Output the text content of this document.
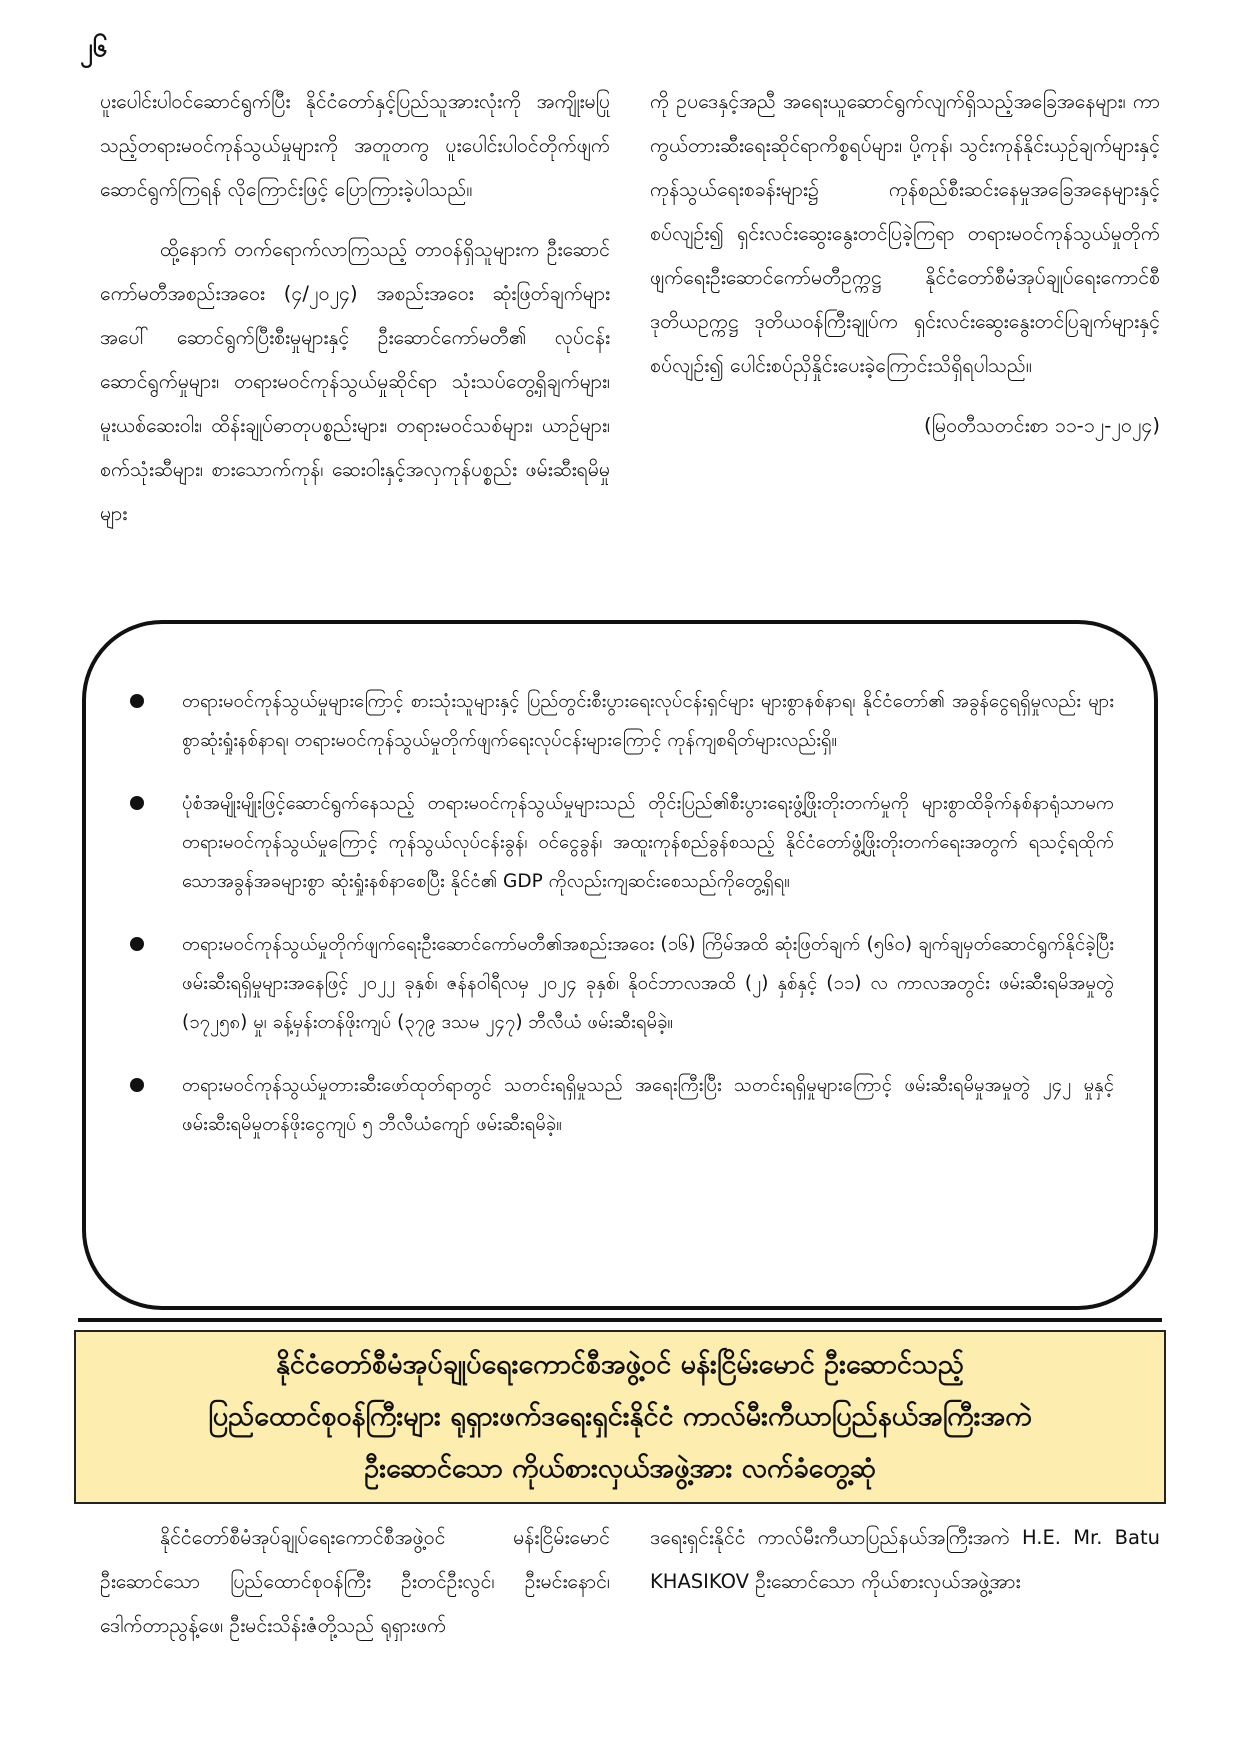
၂၆

ပူးပေါင်းပါဝင်ဆောင်ရွက်ပြီး နိုင်ငံတော်နှင့်ပြည်သူအားလုံးကို အကျိုးမပြုသည့်တရားမဝင်ကုန်သွယ်မှုများကို အတူတကွ ပူးပေါင်းပါဝင်တိုက်ဖျက်ဆောင်ရွက်ကြရန် လိုကြောင်းဖြင့် ပြောကြားခဲ့ပါသည်။

ထို့နောက် တက်ရောက်လာကြသည့် တာဝန်ရှိသူများက ဦးဆောင်ကော်မတီအစည်းအဝေး (၄/၂၀၂၄) အစည်းအဝေး ဆုံးဖြတ်ချက်များအပေါ် ဆောင်ရွက်ပြီးစီးမှုများနှင့် ဦးဆောင်ကော်မတီ၏ လုပ်ငန်းဆောင်ရွက်မှုများ၊ တရားမဝင်ကုန်သွယ်မှုဆိုင်ရာ သုံးသပ်တွေ့ရှိချက်များ၊ မူးယစ်ဆေးဝါး၊ ထိန်းချုပ်ဓာတုပစ္စည်းများ၊ တရားမဝင်သစ်များ၊ ယာဉ်များ၊ စက်သုံးဆီများ၊ စားသောက်ကုန်၊ ဆေးဝါးနှင့်အလှကုန်ပစ္စည်း ဖမ်းဆီးရမိမှုများ

ကို ဥပဒေနှင့်အညီ အရေးယူဆောင်ရွက်လျက်ရှိသည့်အခြေအနေများ၊ ကာကွယ်တားဆီးရေးဆိုင်ရာကိစ္စရပ်များ၊ ပို့ကုန်၊ သွင်းကုန်နိုင်းယှဉ်ချက်များနှင့် ကုန်သွယ်ရေးစခန်းများ၌ ကုန်စည်စီးဆင်းနေမှုအခြေအနေများနှင့်စပ်လျဉ်း၍ ရှင်းလင်းဆွေးနွေးတင်ပြခဲ့ကြရာ တရားမဝင်ကုန်သွယ်မှုတိုက်ဖျက်ရေးဦးဆောင်ကော်မတီဥက္ကဋ္ဌ နိုင်ငံတော်စီမံအုပ်ချုပ်ရေးကောင်စီ ဒုတိယဥက္ကဋ္ဌ ဒုတိယဝန်ကြီးချုပ်က ရှင်းလင်းဆွေးနွေးတင်ပြချက်များနှင့်စပ်လျဉ်း၍ ပေါင်းစပ်ညှိနှိုင်းပေးခဲ့ကြောင်းသိရှိရပါသည်။

(မြဝတီသတင်းစာ ၁၁-၁၂-၂၀၂၄)

တရားမဝင်ကုန်သွယ်မှုများကြောင့် စားသုံးသူများနှင့် ပြည်တွင်းစီးပွားရေးလုပ်ငန်းရှင်များ များစွာနစ်နာရ၊ နိုင်ငံတော်၏ အခွန်ငွေရရှိမှုလည်း များစွာဆုံးရှုံးနစ်နာရ၊ တရားမဝင်ကုန်သွယ်မှုတိုက်ဖျက်ရေးလုပ်ငန်းများကြောင့် ကုန်ကျစရိတ်များလည်းရှိ။
ပုံစံအမျိုးမျိုးဖြင့်ဆောင်ရွက်နေသည့် တရားမဝင်ကုန်သွယ်မှုများသည် တိုင်းပြည်၏စီးပွားရေးဖွံ့ဖြိုးတိုးတက်မှုကို များစွာထိခိုက်နစ်နာရုံသာမက တရားမဝင်ကုန်သွယ်မှုကြောင့် ကုန်သွယ်လုပ်ငန်းခွန်၊ ဝင်ငွေခွန်၊ အထူးကုန်စည်ခွန်စသည့် နိုင်ငံတော်ဖွံ့ဖြိုးတိုးတက်ရေးအတွက် ရသင့်ရထိုက်သောအခွန်အခများစွာ ဆုံးရှုံးနစ်နာစေပြီး နိုင်ငံ၏ GDP ကိုလည်းကျဆင်းစေသည်ကိုတွေ့ရှိရ။
တရားမဝင်ကုန်သွယ်မှုတိုက်ဖျက်ရေးဦးဆောင်ကော်မတီ၏အစည်းအဝေး (၁၆) ကြိမ်အထိ ဆုံးဖြတ်ချက် (၅၆၀) ချက်ချမှတ်ဆောင်ရွက်နိုင်ခဲ့ပြီး ဖမ်းဆီးရရှိမှုများအနေဖြင့် ၂၀၂၂ ခုနှစ်၊ ဇန်နဝါရီလမှ ၂၀၂၄ ခုနှစ်၊ နိုဝင်ဘာလအထိ (၂) နှစ်နှင့် (၁၁) လ ကာလအတွင်း ဖမ်းဆီးရမိအမှုတွဲ (၁၇၂၅၈) မှု၊ ခန့်မှန်းတန်ဖိုးကျပ် (၃၇၉ ဒသမ ၂၄၇) ဘီလီယံ ဖမ်းဆီးရမိခဲ့။
တရားမဝင်ကုန်သွယ်မှုတားဆီးဖော်ထုတ်ရာတွင် သတင်းရရှိမှုသည် အရေးကြီးပြီး သတင်းရရှိမှုများကြောင့် ဖမ်းဆီးရမိမှုအမှုတွဲ ၂၄၂ မှုနှင့် ဖမ်းဆီးရမိမှုတန်ဖိုးငွေကျပ် ၅ ဘီလီယံကျော် ဖမ်းဆီးရမိခဲ့။
နိုင်ငံတော်စီမံအုပ်ချုပ်ရေးကောင်စီအဖွဲ့ဝင် မန်းငြိမ်းမောင် ဦးဆောင်သည့်
ပြည်ထောင်စုဝန်ကြီးများ ရုရှားဖက်ဒရေးရှင်းနိုင်ငံ ကာလ်မီးကီယာပြည်နယ်အကြီးအကဲ
ဦးဆောင်သော ကိုယ်စားလှယ်အဖွဲ့အား လက်ခံတွေ့ဆုံ

နိုင်ငံတော်စီမံအုပ်ချုပ်ရေးကောင်စီအဖွဲ့ဝင် မန်းငြိမ်းမောင် ဦးဆောင်သော ပြည်ထောင်စုဝန်ကြီး ဦးတင်ဦးလွင်၊ ဦးမင်းနောင်၊ ဒေါက်တာညွန့်ဖေ၊ ဦးမင်းသိန်းဇံတို့သည် ရုရှားဖက်

ဒရေးရှင်းနိုင်ငံ ကာလ်မီးကီယာပြည်နယ်အကြီးအကဲ H.E. Mr. Batu KHASIKOV ဦးဆောင်သော ကိုယ်စားလှယ်အဖွဲ့အား
